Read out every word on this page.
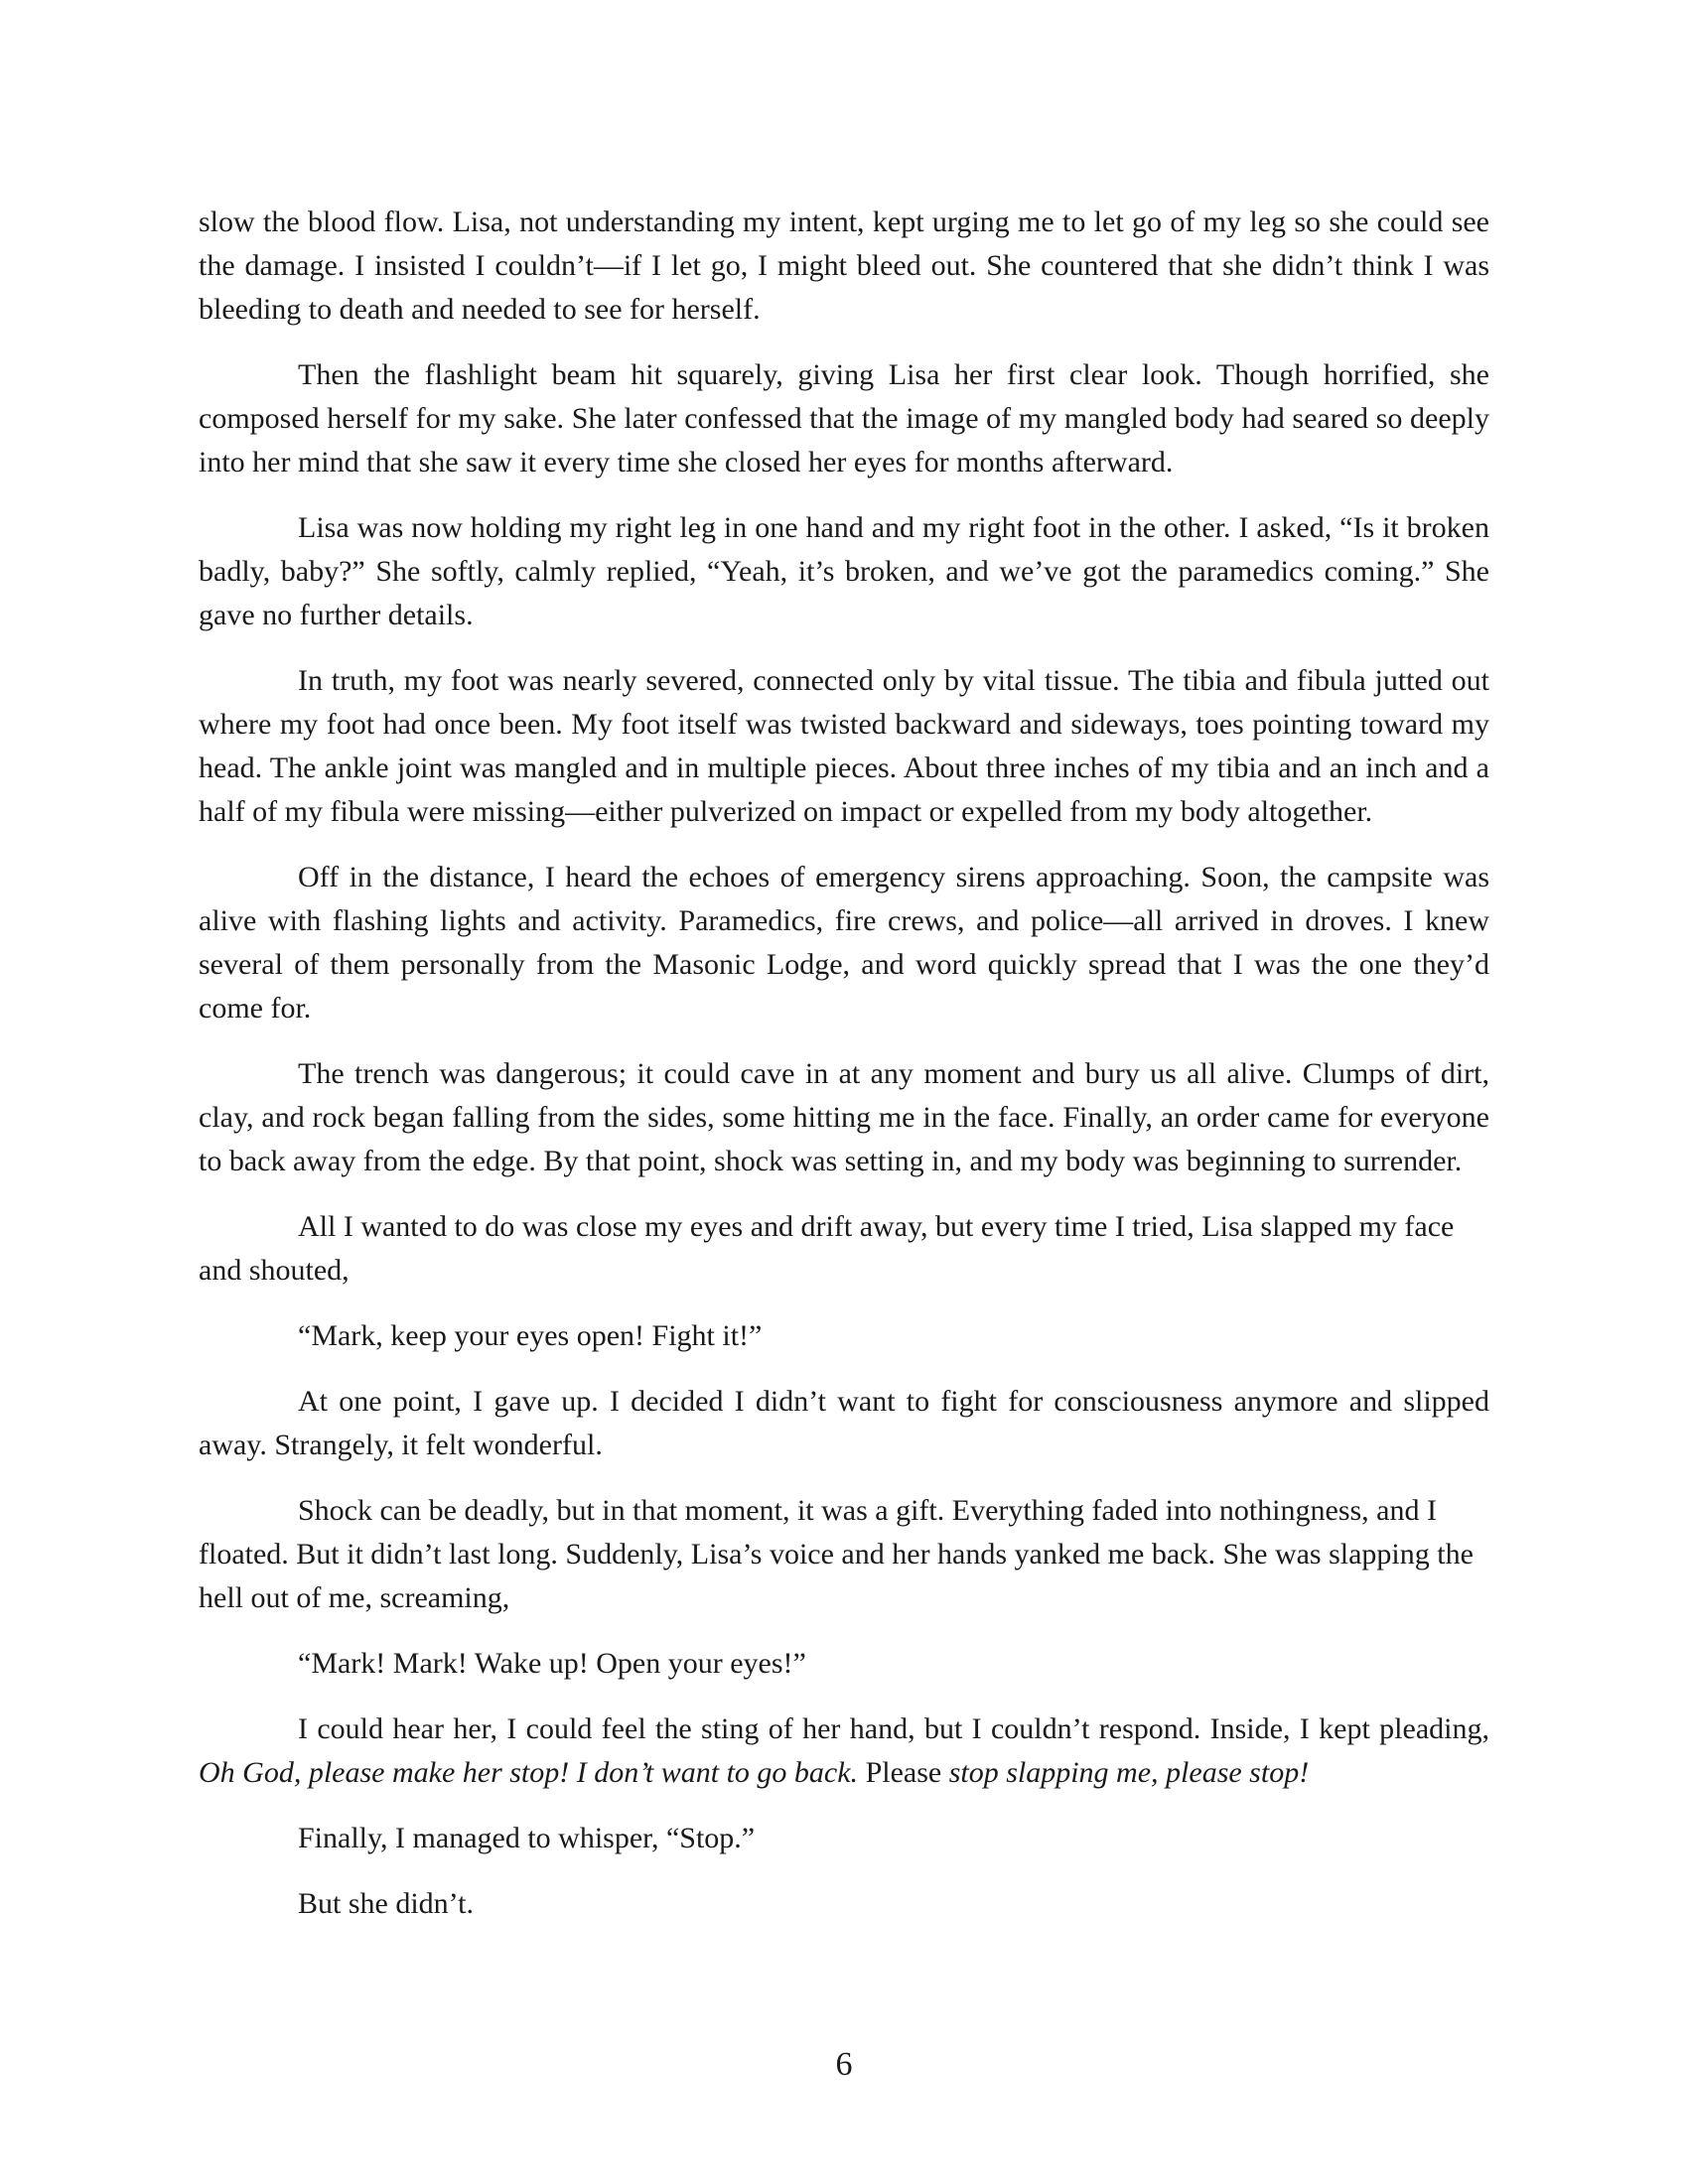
slow the blood flow. Lisa, not understanding my intent, kept urging me to let go of my leg so she could see the damage. I insisted I couldn’t—if I let go, I might bleed out. She countered that she didn’t think I was bleeding to death and needed to see for herself.

Then the flashlight beam hit squarely, giving Lisa her first clear look. Though horrified, she composed herself for my sake. She later confessed that the image of my mangled body had seared so deeply into her mind that she saw it every time she closed her eyes for months afterward.

Lisa was now holding my right leg in one hand and my right foot in the other. I asked, “Is it broken badly, baby?” She softly, calmly replied, “Yeah, it’s broken, and we’ve got the paramedics coming.” She gave no further details.

In truth, my foot was nearly severed, connected only by vital tissue. The tibia and fibula jutted out where my foot had once been. My foot itself was twisted backward and sideways, toes pointing toward my head. The ankle joint was mangled and in multiple pieces. About three inches of my tibia and an inch and a half of my fibula were missing—either pulverized on impact or expelled from my body altogether.

Off in the distance, I heard the echoes of emergency sirens approaching. Soon, the campsite was alive with flashing lights and activity. Paramedics, fire crews, and police—all arrived in droves. I knew several of them personally from the Masonic Lodge, and word quickly spread that I was the one they’d come for.

The trench was dangerous; it could cave in at any moment and bury us all alive. Clumps of dirt, clay, and rock began falling from the sides, some hitting me in the face. Finally, an order came for everyone to back away from the edge. By that point, shock was setting in, and my body was beginning to surrender.

All I wanted to do was close my eyes and drift away, but every time I tried, Lisa slapped my face and shouted,

“Mark, keep your eyes open! Fight it!”

At one point, I gave up. I decided I didn’t want to fight for consciousness anymore and slipped away. Strangely, it felt wonderful.

Shock can be deadly, but in that moment, it was a gift. Everything faded into nothingness, and I floated. But it didn’t last long. Suddenly, Lisa’s voice and her hands yanked me back. She was slapping the hell out of me, screaming,

“Mark! Mark! Wake up! Open your eyes!”

I could hear her, I could feel the sting of her hand, but I couldn’t respond. Inside, I kept pleading, Oh God, please make her stop! I don’t want to go back. Please stop slapping me, please stop!

Finally, I managed to whisper, “Stop.”

But she didn’t.

6
